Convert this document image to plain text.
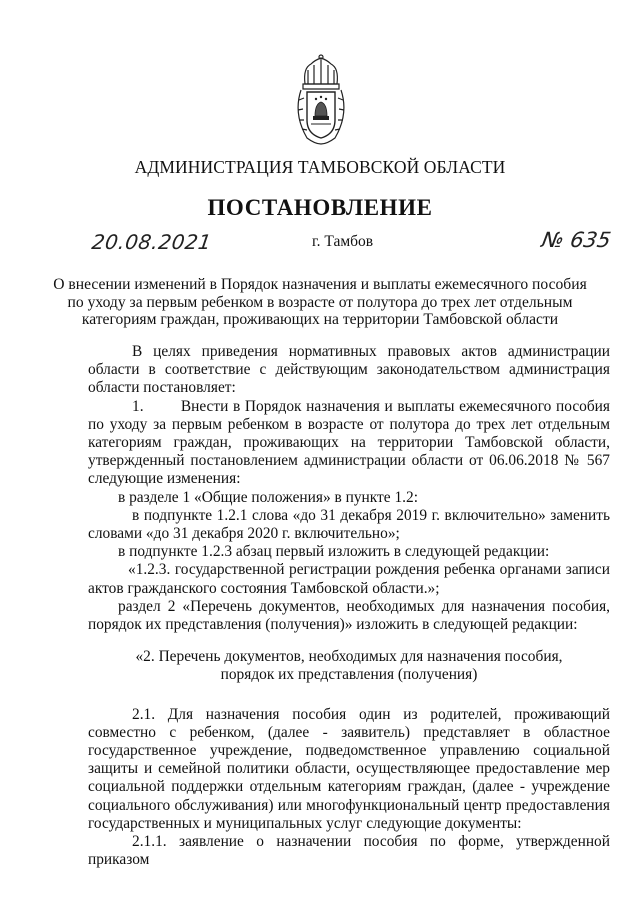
АДМИНИСТРАЦИЯ ТАМБОВСКОЙ ОБЛАСТИ
ПОСТАНОВЛЕНИЕ
20.08.2021	г. Тамбов	№ 635
О внесении изменений в Порядок назначения и выплаты ежемесячного пособия
по уходу за первым ребенком в возрасте от полутора до трех лет отдельным
категориям граждан, проживающих на территории Тамбовской области

В целях приведения нормативных правовых актов администрации области в соответствие с действующим законодательством администрация области постановляет:

1. Внести в Порядок назначения и выплаты ежемесячного пособия по уходу за первым ребенком в возрасте от полутора до трех лет отдельным категориям граждан, проживающих на территории Тамбовской области, утвержденный постановлением администрации области от 06.06.2018 № 567 следующие изменения:

в разделе 1 «Общие положения» в пункте 1.2:

в подпункте 1.2.1 слова «до 31 декабря 2019 г. включительно» заменить словами «до 31 декабря 2020 г. включительно»;

в подпункте 1.2.3 абзац первый изложить в следующей редакции:

«1.2.3. государственной регистрации рождения ребенка органами записи актов гражданского состояния Тамбовской области.»;

раздел 2 «Перечень документов, необходимых для назначения пособия, порядок их представления (получения)» изложить в следующей редакции:

«2. Перечень документов, необходимых для назначения пособия,
порядок их представления (получения)

2.1. Для назначения пособия один из родителей, проживающий совместно с ребенком, (далее - заявитель) представляет в областное государственное учреждение, подведомственное управлению социальной защиты и семейной политики области, осуществляющее предоставление мер социальной поддержки отдельным категориям граждан, (далее - учреждение социального обслуживания) или многофункциональный центр предоставления государственных и муниципальных услуг следующие документы:

2.1.1. заявление о назначении пособия по форме, утвержденной приказом
